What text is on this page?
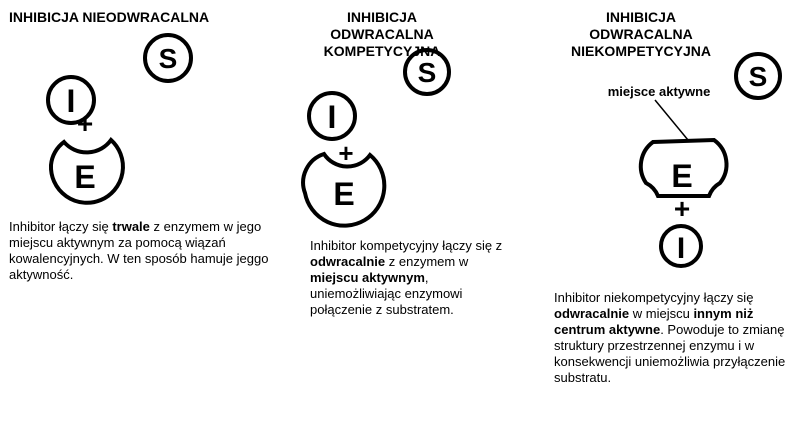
S
I
+
E
S
I
+
E
S
E
+
I
miejsce aktywne
INHIBICJA NIEODWRACALNA	INHIBICJA ODWRACALNA
KOMPETYCYJNA
INHIBICJA ODWRACALNA
NIEKOMPETYCYJNA

Inhibitor łączy się trwale z enzymem w jego miejscu aktywnym za pomocą wiązań kowalencyjnych. W ten sposób hamuje jeggo aktywność.

Inhibitor kompetycyjny łączy się z odwracalnie z enzymem w miejscu aktywnym, uniemożliwiając enzymowi połączenie z substratem.

Inhibitor niekompetycyjny łączy się odwracalnie w miejscu innym niż centrum aktywne. Powoduje to zmianę struktury przestrzennej enzymu i w konsekwencji uniemożliwia przyłączenie substratu.
